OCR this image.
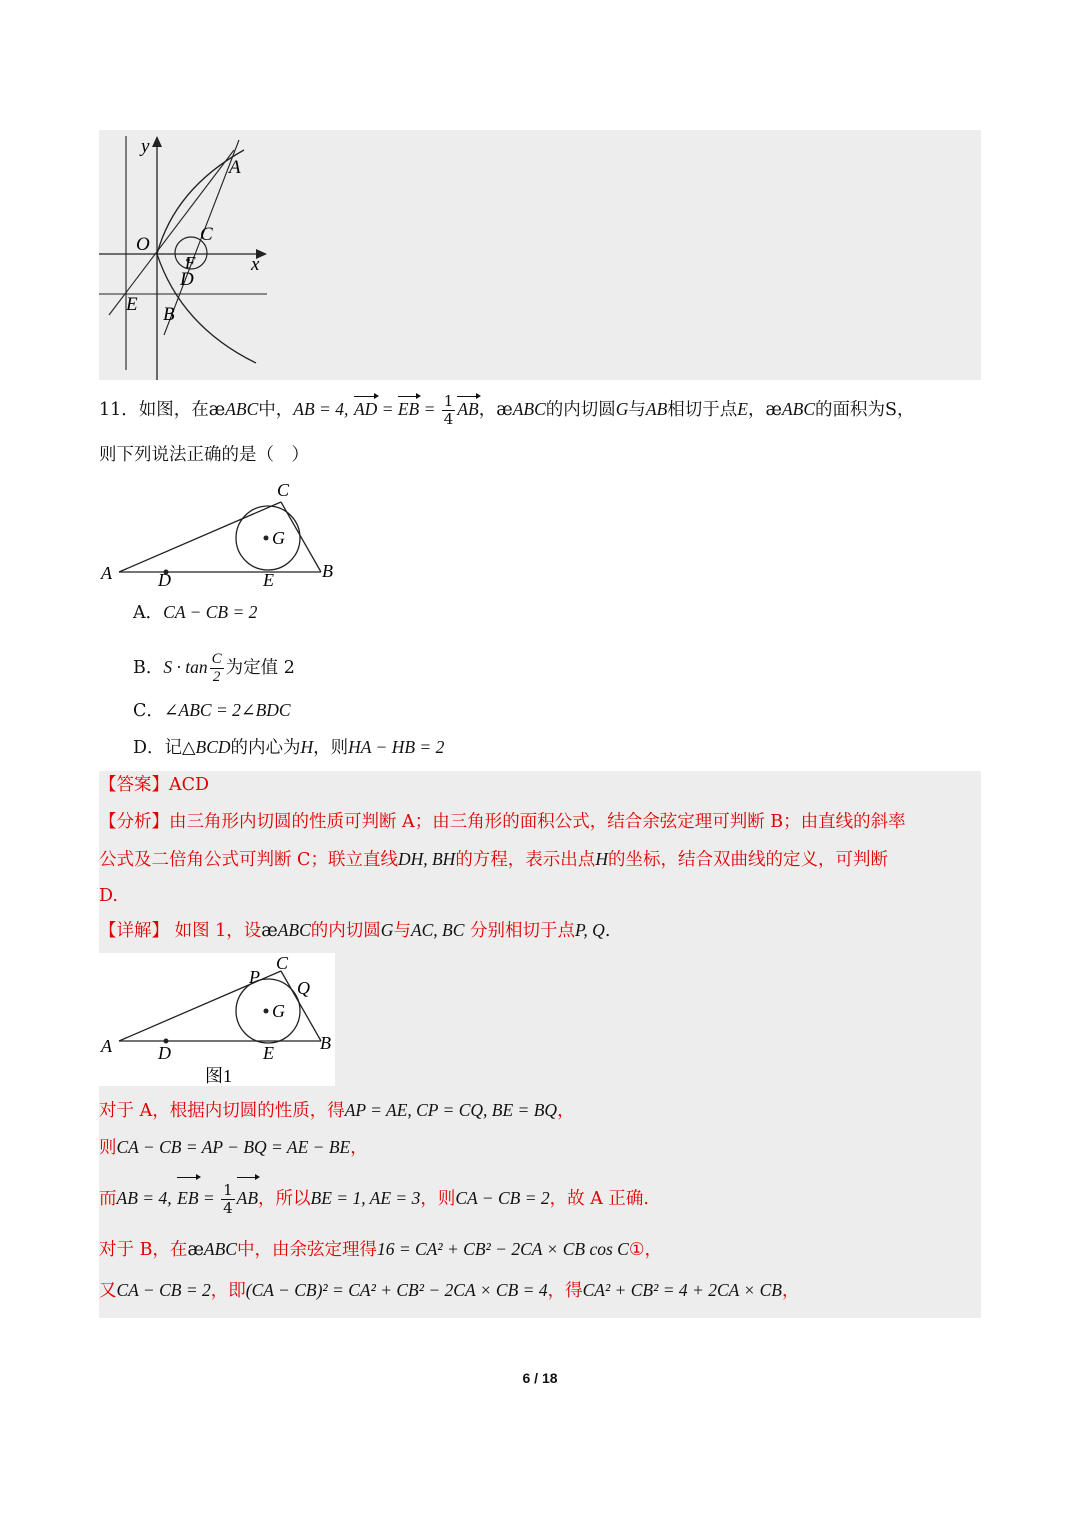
y
x
O
A
C
F
D
E B
11．如图，在æABC中，AB = 4, AD = EB = $\frac{1}{4}$ AB，æABC的内切圆G与AB相切于点E，æABC的面积为S，
则下列说法正确的是（　）
A	B
C
D	E
G
A．CA − CB = 2
B．$S \cdot \tan \frac{C}{2}$ 为定值 2
C．∠ABC = 2∠BDC
D．记△BCD的内心为H，则HA − HB = 2
【答案】ACD
【分析】由三角形内切圆的性质可判断 A；由三角形的面积公式，结合余弦定理可判断 B；由直线的斜率
公式及二倍角公式可判断 C；联立直线DH, BH的方程，表示出点H的坐标，结合双曲线的定义，可判断
D.
【详解】 如图 1，设æABC的内切圆G与AC, BC 分别相切于点P, Q.
A	B
C
D	E
G
P
Q
图1
对于 A，根据内切圆的性质，得AP = AE, CP = CQ, BE = BQ，
则CA − CB = AP − BQ = AE − BE，
而AB = 4, EB = $\frac{1}{4}$ AB，所以BE = 1, AE = 3，则CA − CB = 2，故 A 正确.
对于 B，在æABC中，由余弦定理得16 = CA² + CB² − 2CA × CB cos C①，
又CA − CB = 2，即(CA − CB)² = CA² + CB² − 2CA × CB = 4，得CA² + CB² = 4 + 2CA × CB，
6 / 18
